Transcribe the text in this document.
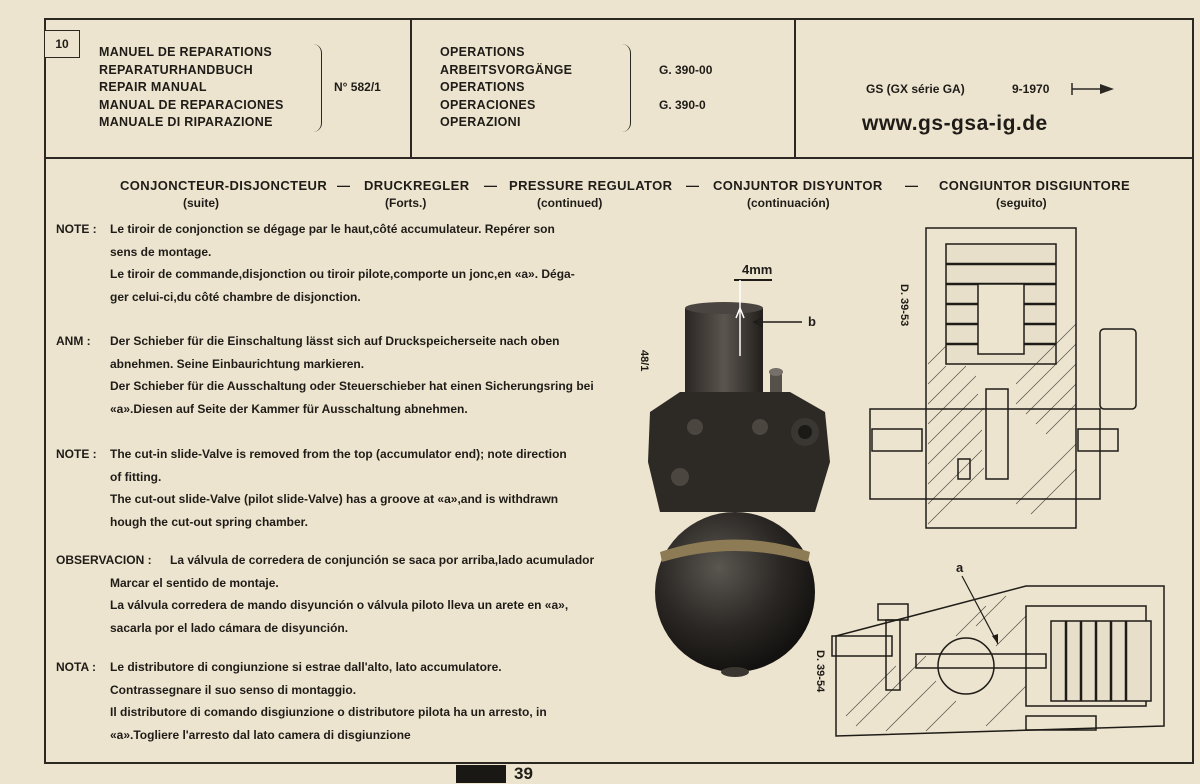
10
MANUEL DE REPARATIONS
REPARATURHANDBUCH
REPAIR MANUAL
MANUAL DE REPARACIONES
MANUALE DI RIPARAZIONE
N° 582/1
OPERATIONS
ARBEITSVORGÄNGE
OPERATIONS
OPERACIONES
OPERAZIONI
G. 390-00
G. 390-0
GS (GX série GA)	9-1970
www.gs-gsa-ig.de
CONJONCTEUR-DISJONCTEUR — DRUCKREGLER — PRESSURE REGULATOR — CONJUNTOR DISYUNTOR — CONGIUNTOR DISGIUNTORE
(suite)	(Forts.)	(continued)	(continuación)	(seguito)
NOTE : Le tiroir de conjonction se dégage par le haut,côté accumulateur. Repérer son
sens de montage.
Le tiroir de commande,disjonction ou tiroir pilote,comporte un jonc,en «a». Déga-
ger celui-ci,du côté chambre de disjonction.
ANM : Der Schieber für die Einschaltung lässt sich auf Druckspeicherseite nach oben
abnehmen. Seine Einbaurichtung markieren.
Der Schieber für die Ausschaltung oder Steuerschieber hat einen Sicherungsring bei
«a».Diesen auf Seite der Kammer für Ausschaltung abnehmen.
NOTE : The cut-in slide-Valve is removed from the top (accumulator end); note direction
of fitting.
The cut-out slide-Valve (pilot slide-Valve) has a groove at «a»,and is withdrawn
hough the cut-out spring chamber.
OBSERVACION : La válvula de corredera de conjunción se saca por arriba,lado acumulador
Marcar el sentido de montaje.
La válvula corredera de mando disyunción o válvula piloto lleva un arete en «a»,
sacarla por el lado cámara de disyunción.
NOTA : Le distributore di congiunzione si estrae dall'alto, lato accumulatore.
Contrassegnare il suo senso di montaggio.
Il distributore di comando disgiunzione o distributore pilota ha un arresto, in
«a».Togliere l'arresto dal lato camera di disgiunzione
4mm
b
48/1
D. 39-53
a
D. 39-54
39
